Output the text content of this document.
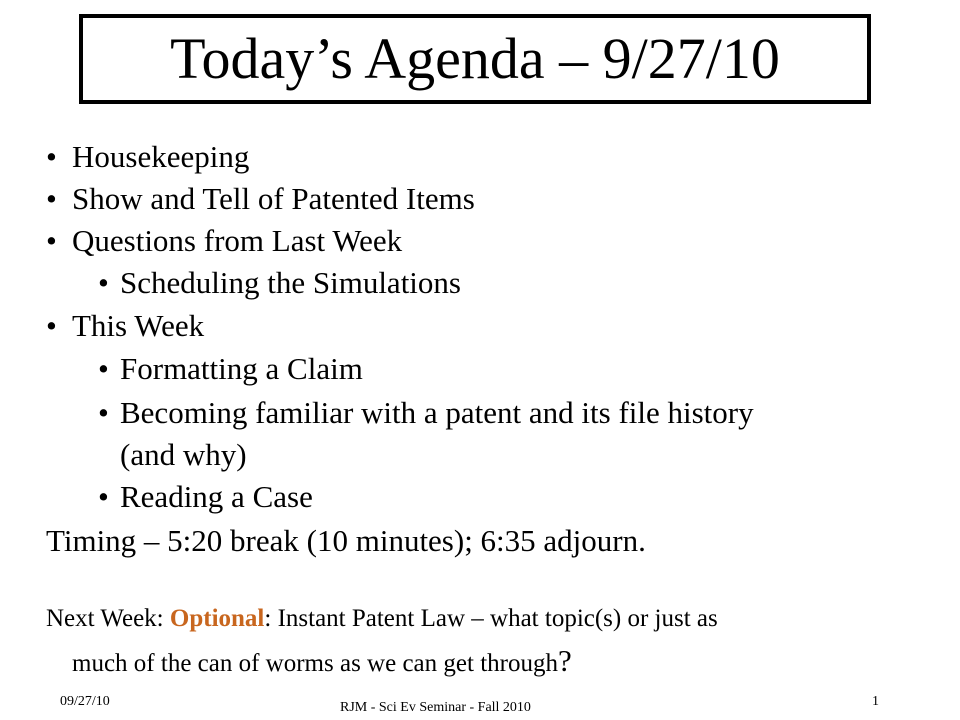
Today’s Agenda – 9/27/10
• Housekeeping
• Show and Tell of Patented Items
• Questions from Last Week
• Scheduling the Simulations
• This Week
• Formatting a Claim
• Becoming familiar with a patent and its file history
(and why)
• Reading a Case
Timing – 5:20 break (10 minutes); 6:35 adjourn.
Next Week: Optional: Instant Patent Law – what topic(s) or just as
much of the can of worms as we can get through?
09/27/10	RJM - Sci Ev Seminar - Fall 2010	1
